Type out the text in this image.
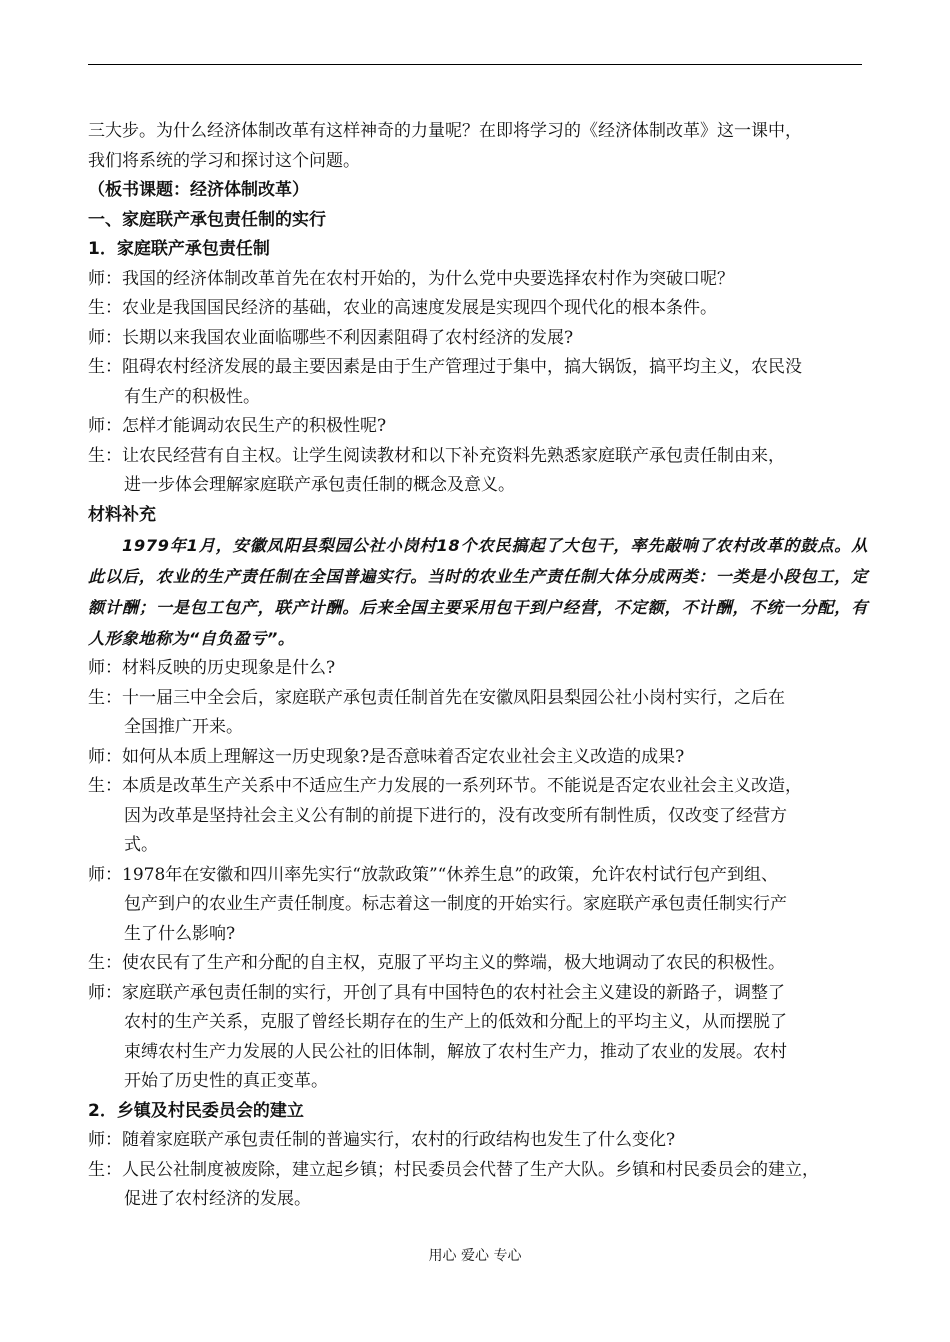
三大步。为什么经济体制改革有这样神奇的力量呢？在即将学习的《经济体制改革》这一课中，
我们将系统的学习和探讨这个问题。
（板书课题：经济体制改革）
一、家庭联产承包责任制的实行
1．家庭联产承包责任制
师：我国的经济体制改革首先在农村开始的，为什么党中央要选择农村作为突破口呢？
生：农业是我国国民经济的基础，农业的高速度发展是实现四个现代化的根本条件。
师：长期以来我国农业面临哪些不利因素阻碍了农村经济的发展?
生：阻碍农村经济发展的最主要因素是由于生产管理过于集中，搞大锅饭，搞平均主义，农民没
有生产的积极性。
师：怎样才能调动农民生产的积极性呢?
生：让农民经营有自主权。让学生阅读教材和以下补充资料先熟悉家庭联产承包责任制由来，
进一步体会理解家庭联产承包责任制的概念及意义。
材料补充
1979年1月，安徽凤阳县梨园公社小岗村18个农民搞起了大包干，率先敲响了农村改革的鼓点。从此以后，农业的生产责任制在全国普遍实行。当时的农业生产责任制大体分成两类：一类是小段包工，定额计酬；一是包工包产，联产计酬。后来全国主要采用包干到户经营，不定额，不计酬，不统一分配，有人形象地称为“自负盈亏”。
师：材料反映的历史现象是什么?
生：十一届三中全会后，家庭联产承包责任制首先在安徽凤阳县梨园公社小岗村实行，之后在
全国推广开来。
师：如何从本质上理解这一历史现象?是否意味着否定农业社会主义改造的成果?
生：本质是改革生产关系中不适应生产力发展的一系列环节。不能说是否定农业社会主义改造，
因为改革是坚持社会主义公有制的前提下进行的，没有改变所有制性质，仅改变了经营方
式。
师：1978年在安徽和四川率先实行“放款政策”“休养生息”的政策，允许农村试行包产到组、
包产到户的农业生产责任制度。标志着这一制度的开始实行。家庭联产承包责任制实行产
生了什么影响?
生：使农民有了生产和分配的自主权，克服了平均主义的弊端，极大地调动了农民的积极性。
师：家庭联产承包责任制的实行，开创了具有中国特色的农村社会主义建设的新路子，调整了
农村的生产关系，克服了曾经长期存在的生产上的低效和分配上的平均主义，从而摆脱了
束缚农村生产力发展的人民公社的旧体制，解放了农村生产力，推动了农业的发展。农村
开始了历史性的真正变革。
2．乡镇及村民委员会的建立
师：随着家庭联产承包责任制的普遍实行，农村的行政结构也发生了什么变化?
生：人民公社制度被废除，建立起乡镇；村民委员会代替了生产大队。乡镇和村民委员会的建立，
促进了农村经济的发展。
用心 爱心 专心
